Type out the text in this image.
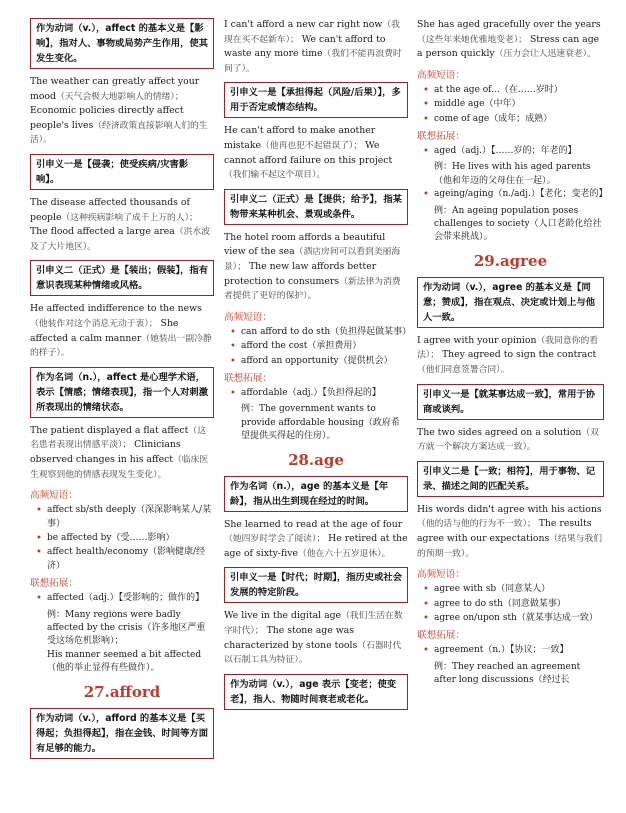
作为动词（v.），affect 的基本义是【影响】，指对人、事物或局势产生作用，使其发生变化。
The weather can greatly affect your mood（天气会极大地影响人的情绪）； Economic policies directly affect people's lives（经济政策直接影响人们的生活）。
引申义一是【侵袭；使受疾病/灾害影响】。
The disease affected thousands of people（这种疾病影响了成千上万的人）； The flood affected a large area（洪水波及了大片地区）。
引申义二（正式）是【装出；假装】，指有意识表现某种情绪或风格。
He affected indifference to the news（他装作对这个消息无动于衷）； She affected a calm manner（她装出一副冷静的样子）。
作为名词（n.），affect 是心理学术语，表示【情感；情绪表现】，指一个人对刺激所表现出的情绪状态。
The patient displayed a flat affect（这名患者表现出情感平淡）； Clinicians observed changes in his affect（临床医生观察到他的情感表现发生变化）。
高频短语：
• affect sb/sth deeply（深深影响某人/某事）
• be affected by（受……影响）
• affect health/economy（影响健康/经济）
联想拓展：
• affected（adj.）【受影响的；做作的】
例：Many regions were badly affected by the crisis（许多地区严重受这场危机影响）；
His manner seemed a bit affected（他的举止显得有些做作）。
27.afford
作为动词（v.），afford 的基本义是【买得起；负担得起】，指在金钱、时间等方面有足够的能力。
I can't afford a new car right now（我现在买不起新车）； We can't afford to waste any more time（我们不能再浪费时间了）。
引申义一是【承担得起（风险/后果）】，多用于否定或情态结构。
He can't afford to make another mistake（他再也犯不起错误了）； We cannot afford failure on this project（我们输不起这个项目）。
引申义二（正式）是【提供；给予】，指某物带来某种机会、景观或条件。
The hotel room affords a beautiful view of the sea（酒店房间可以看到美丽海景）； The new law affords better protection to consumers（新法律为消费者提供了更好的保护）。
高频短语：
• can afford to do sth（负担得起做某事）
• afford the cost（承担费用）
• afford an opportunity（提供机会）
联想拓展：
• affordable（adj.）【负担得起的】
例：The government wants to provide affordable housing（政府希望提供买得起的住房）。
28.age
作为名词（n.），age 的基本义是【年龄】，指从出生到现在经过的时间。
She learned to read at the age of four（她四岁时学会了阅读）； He retired at the age of sixty-five（他在六十五岁退休）。
引申义一是【时代；时期】，指历史或社会发展的特定阶段。
We live in the digital age（我们生活在数字时代）； The stone age was characterized by stone tools（石器时代以石制工具为特征）。
作为动词（v.），age 表示【变老；使变老】，指人、物随时间衰老或老化。
She has aged gracefully over the years（这些年来她优雅地变老）； Stress can age a person quickly（压力会让人迅速衰老）。
高频短语：
• at the age of...（在……岁时）
• middle age（中年）
• come of age（成年；成熟）
联想拓展：
• aged（adj.）【……岁的；年老的】
例：He lives with his aged parents（他和年迈的父母住在一起）。
• ageing/aging（n./adj.）【老化；变老的】
例：An ageing population poses challenges to society（人口老龄化给社会带来挑战）。
29.agree
作为动词（v.），agree 的基本义是【同意；赞成】，指在观点、决定或计划上与他人一致。
I agree with your opinion（我同意你的看法）； They agreed to sign the contract（他们同意签署合同）。
引申义一是【就某事达成一致】，常用于协商或谈判。
The two sides agreed on a solution（双方就一个解决方案达成一致）。
引申义二是【一致；相符】，用于事物、记录、描述之间的匹配关系。
His words didn't agree with his actions（他的话与他的行为不一致）； The results agree with our expectations（结果与我们的预期一致）。
高频短语：
• agree with sb（同意某人）
• agree to do sth（同意做某事）
• agree on/upon sth（就某事达成一致）
联想拓展：
• agreement（n.）【协议；一致】
例：They reached an agreement after long discussions（经过长
